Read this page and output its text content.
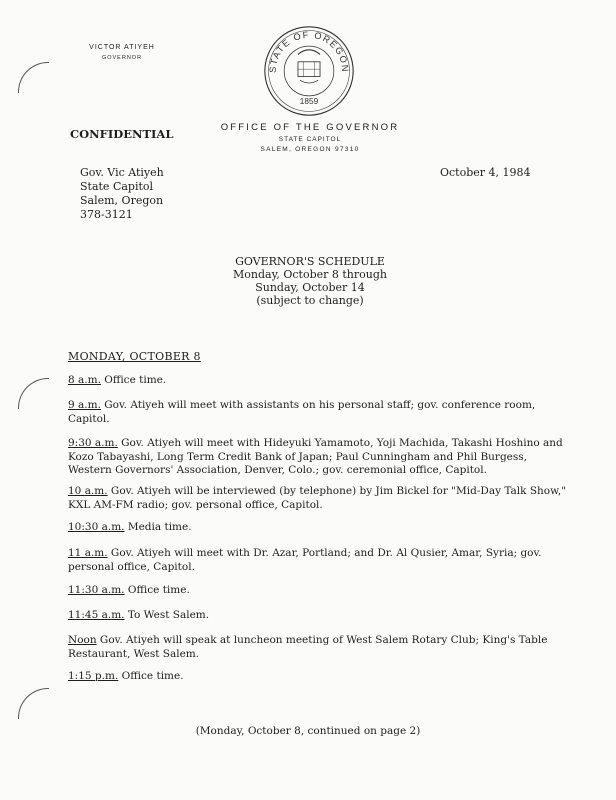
VICTOR ATIYEH
GOVERNOR
STATE OF OREGON
1859
CONFIDENTIAL	OFFICE OF THE GOVERNOR
STATE CAPITOL
SALEM, OREGON 97310
Gov. Vic Atiyeh
State Capitol
Salem, Oregon
378-3121
October 4, 1984
GOVERNOR'S SCHEDULE
Monday, October 8 through
Sunday, October 14
(subject to change)
MONDAY, OCTOBER 8
8 a.m. Office time.
9 a.m. Gov. Atiyeh will meet with assistants on his personal staff; gov. conference room, Capitol.
9:30 a.m. Gov. Atiyeh will meet with Hideyuki Yamamoto, Yoji Machida, Takashi Hoshino and Kozo Tabayashi, Long Term Credit Bank of Japan; Paul Cunningham and Phil Burgess, Western Governors' Association, Denver, Colo.; gov. ceremonial office, Capitol.
10 a.m. Gov. Atiyeh will be interviewed (by telephone) by Jim Bickel for "Mid-Day Talk Show," KXL AM-FM radio; gov. personal office, Capitol.
10:30 a.m. Media time.
11 a.m. Gov. Atiyeh will meet with Dr. Azar, Portland; and Dr. Al Qusier, Amar, Syria; gov. personal office, Capitol.
11:30 a.m. Office time.
11:45 a.m. To West Salem.
Noon Gov. Atiyeh will speak at luncheon meeting of West Salem Rotary Club; King's Table Restaurant, West Salem.
1:15 p.m. Office time.
(Monday, October 8, continued on page 2)
